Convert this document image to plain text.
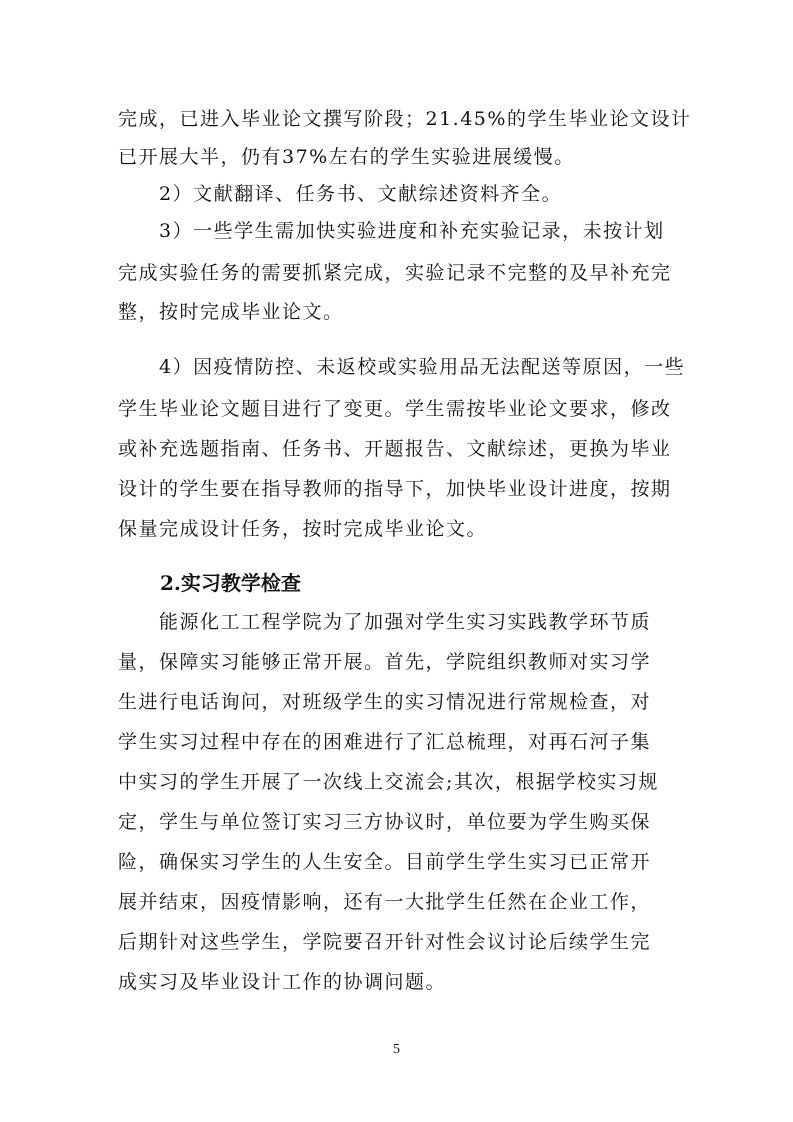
完成，已进入毕业论文撰写阶段；21.45%的学生毕业论文设计
已开展大半，仍有37%左右的学生实验进展缓慢。
　　2）文献翻译、任务书、文献综述资料齐全。
　　3）一些学生需加快实验进度和补充实验记录，未按计划
完成实验任务的需要抓紧完成，实验记录不完整的及早补充完
整，按时完成毕业论文。
　　4）因疫情防控、未返校或实验用品无法配送等原因，一些
学生毕业论文题目进行了变更。学生需按毕业论文要求，修改
或补充选题指南、任务书、开题报告、文献综述，更换为毕业
设计的学生要在指导教师的指导下，加快毕业设计进度，按期
保量完成设计任务，按时完成毕业论文。
2.实习教学检查
　　能源化工工程学院为了加强对学生实习实践教学环节质
量，保障实习能够正常开展。首先，学院组织教师对实习学
生进行电话询问，对班级学生的实习情况进行常规检查，对
学生实习过程中存在的困难进行了汇总梳理，对再石河子集
中实习的学生开展了一次线上交流会;其次，根据学校实习规
定，学生与单位签订实习三方协议时，单位要为学生购买保
险，确保实习学生的人生安全。目前学生学生实习已正常开
展并结束，因疫情影响，还有一大批学生任然在企业工作，
后期针对这些学生，学院要召开针对性会议讨论后续学生完
成实习及毕业设计工作的协调问题。
5
